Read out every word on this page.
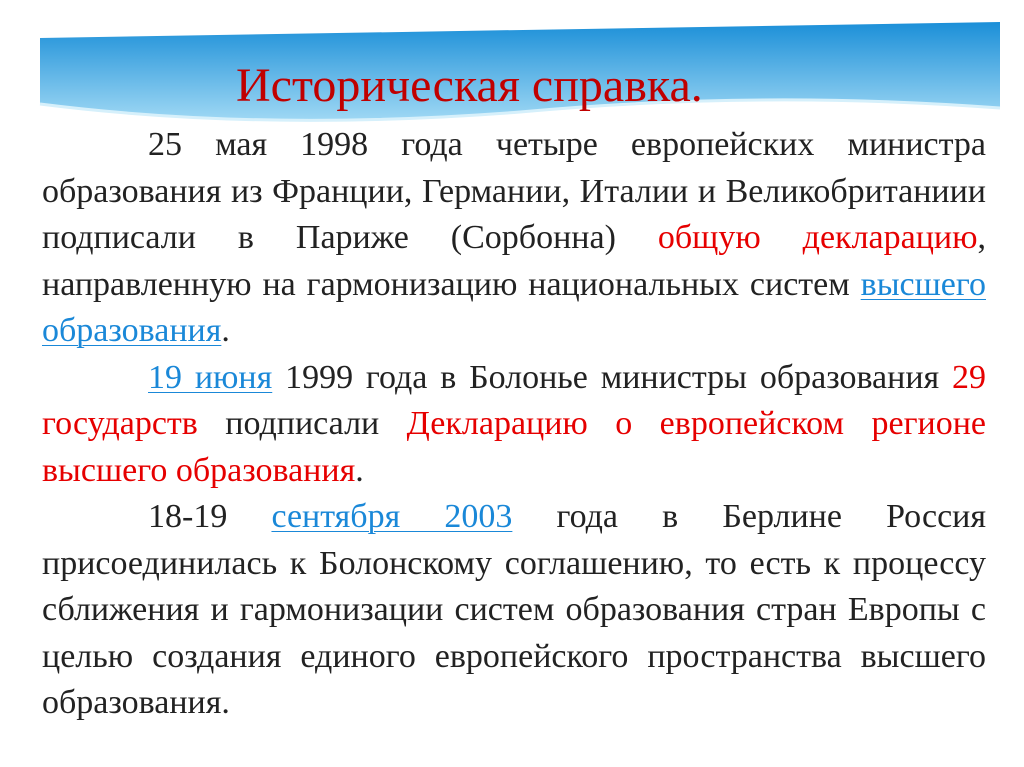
Историческая справка.

25 мая 1998 года четыре европейских министра образования из Франции, Германии, Италии и Великобританиии подписали в Париже (Сорбонна) общую декларацию, направленную на гармонизацию национальных систем высшего образования.

19 июня 1999 года в Болонье министры образования 29 государств подписали Декларацию о европейском регионе высшего образования.

18-19 сентября 2003 года в Берлине Россия присоединилась к Болонскому соглашению, то есть к процессу сближения и гармонизации систем образования стран Европы с целью создания единого европейского пространства высшего образования.
